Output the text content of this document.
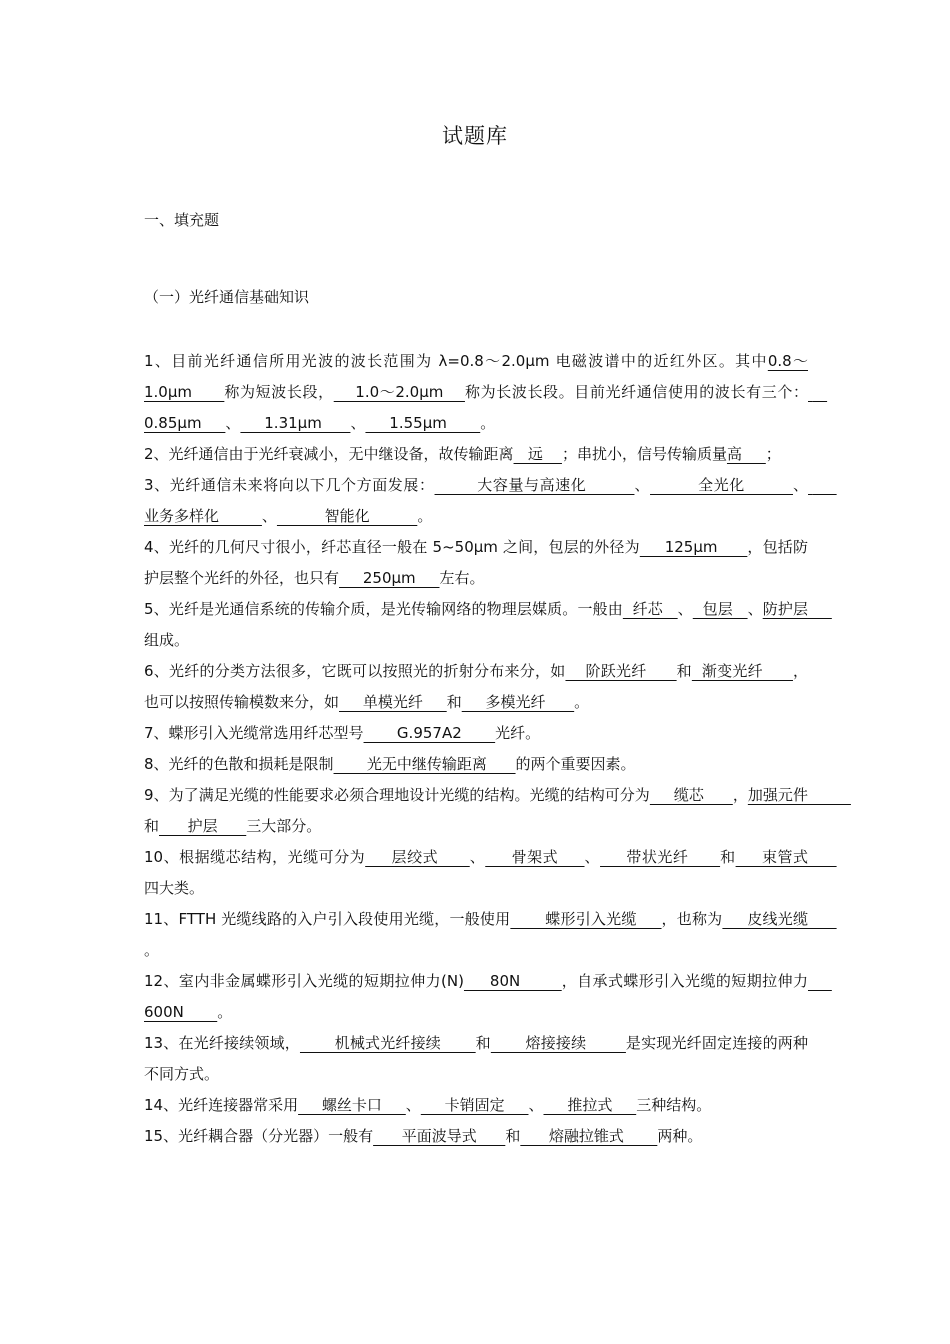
试题库
一、填充题
（一）光纤通信基础知识
1、目前光纤通信所用光波的波长范围为 λ=0.8～2.0μm 电磁波谱中的近红外区。其中0.8～1.0μm      称为短波长段，    1.0～2.0μm    称为长波长段。目前光纤通信使用的波长有三个：    0.85μm     、     1.31μm      、     1.55μm       。
2、光纤通信由于光纤衰减小，无中继设备，故传输距离   远    ；串扰小，信号传输质量高     ；
3、光纤通信未来将向以下几个方面发展：        大容量与高速化         、         全光化         、      业务多样化         、          智能化          。
4、光纤的几何尺寸很小，纤芯直径一般在 5~50μm 之间，包层的外径为     125μm      ，包括防护层整个光纤的外径，也只有     250μm     左右。
5、光纤是光通信系统的传输介质，是光传输网络的物理层媒质。一般由  纤芯   、  包层   、防护层     组成。
6、光纤的分类方法很多，它既可以按照光的折射分布来分，如    阶跃光纤      和  渐变光纤      ，也可以按照传输模数来分，如     单模光纤     和     多模光纤      。
7、蝶形引入光缆常选用纤芯型号       G.957A2       光纤。
8、光纤的色散和损耗是限制       光无中继传输距离      的两个重要因素。
9、为了满足光缆的性能要求必须合理地设计光缆的结构。光缆的结构可分为     缆芯      ，加强元件         和      护层      三大部分。
10、根据缆芯结构，光缆可分为     层绞式      、     骨架式     、     带状光纤      和     束管式      四大类。
11、FTTH 光缆线路的入户引入段使用光缆，一般使用       蝶形引入光缆     ，也称为     皮线光缆      。
12、室内非金属蝶形引入光缆的短期拉伸力(N)     80N        ，自承式蝶形引入光缆的短期拉伸力     600N       。
13、在光纤接续领域，       机械式光纤接续       和       熔接接续        是实现光纤固定连接的两种不同方式。
14、光纤连接器常采用     螺丝卡口     、     卡销固定     、     推拉式     三种结构。
15、光纤耦合器（分光器）一般有      平面波导式      和      熔融拉锥式       两种。
